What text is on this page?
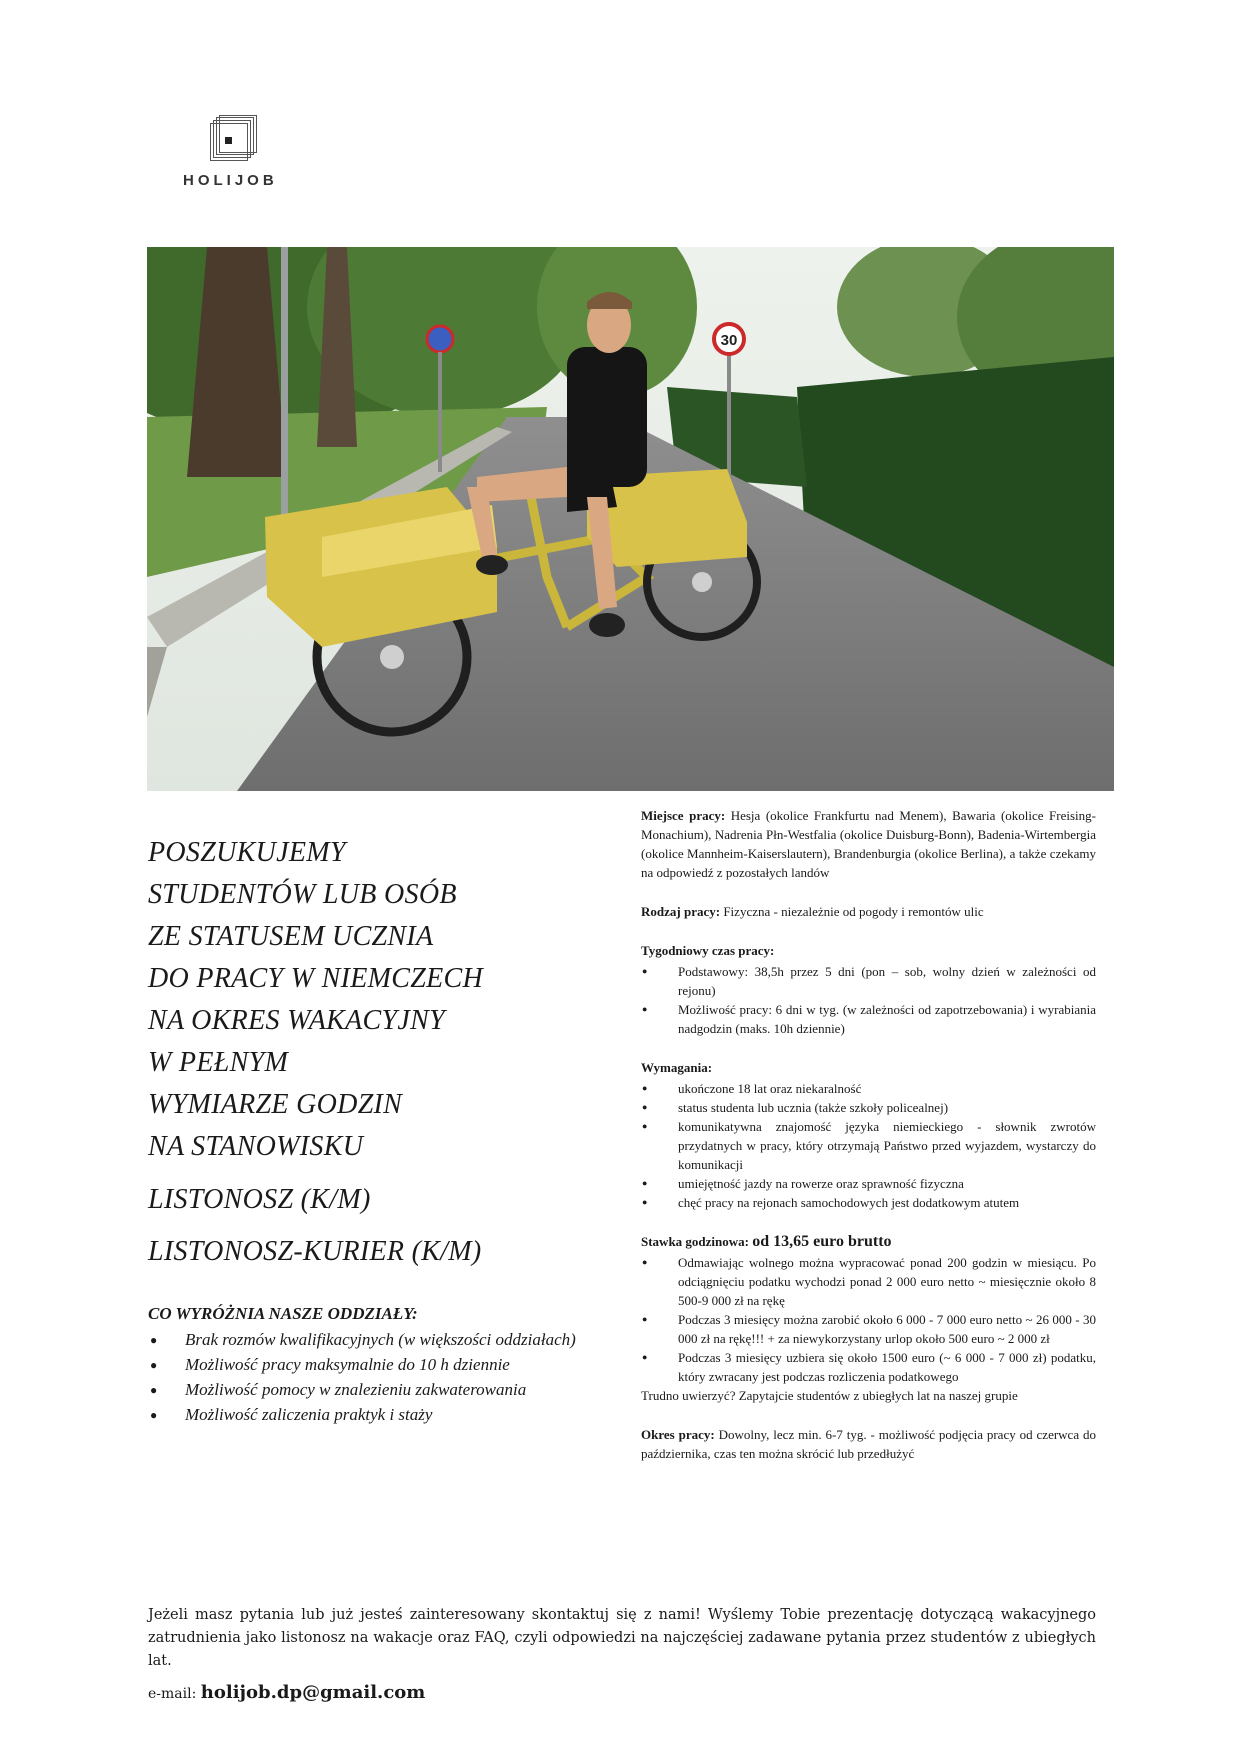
HOLIJOB
30
POSZUKUJEMY
STUDENTÓW LUB OSÓB
ZE STATUSEM UCZNIA
DO PRACY W NIEMCZECH
NA OKRES WAKACYJNY
W PEŁNYM
WYMIARZE GODZIN
NA STANOWISKU
LISTONOSZ (K/M)
LISTONOSZ-KURIER (K/M)
CO WYRÓŻNIA NASZE ODDZIAŁY:
● Brak rozmów kwalifikacyjnych (w większości oddziałach)
● Możliwość pracy maksymalnie do 10 h dziennie
● Możliwość pomocy w znalezieniu zakwaterowania
● Możliwość zaliczenia praktyk i staży

Miejsce pracy: Hesja (okolice Frankfurtu nad Menem), Bawaria (okolice Freising-Monachium), Nadrenia Płn-Westfalia (okolice Duisburg-Bonn), Badenia-Wirtembergia (okolice Mannheim-Kaiserslautern), Brandenburgia (okolice Berlina), a także czekamy na odpowiedź z pozostałych landów

Rodzaj pracy: Fizyczna - niezależnie od pogody i remontów ulic

Tygodniowy czas pracy:
● Podstawowy: 38,5h przez 5 dni (pon – sob, wolny dzień w zależności od rejonu)
● Możliwość pracy: 6 dni w tyg. (w zależności od zapotrzebowania) i wyrabiania nadgodzin (maks. 10h dziennie)
Wymagania:
● ukończone 18 lat oraz niekaralność
● status studenta lub ucznia (także szkoły policealnej)
● komunikatywna znajomość języka niemieckiego - słownik zwrotów przydatnych w pracy, który otrzymają Państwo przed wyjazdem, wystarczy do komunikacji
● umiejętność jazdy na rowerze oraz sprawność fizyczna
● chęć pracy na rejonach samochodowych jest dodatkowym atutem

Stawka godzinowa: od 13,65 euro brutto

● Odmawiając wolnego można wypracować ponad 200 godzin w miesiącu. Po odciągnięciu podatku wychodzi ponad 2 000 euro netto ~ miesięcznie około 8 500-9 000 zł na rękę
● Podczas 3 miesięcy można zarobić około 6 000 - 7 000 euro netto ~ 26 000 - 30 000 zł na rękę!!! + za niewykorzystany urlop około 500 euro ~ 2 000 zł
● Podczas 3 miesięcy uzbiera się około 1500 euro (~ 6 000 - 7 000 zł) podatku, który zwracany jest podczas rozliczenia podatkowego

Trudno uwierzyć? Zapytajcie studentów z ubiegłych lat na naszej grupie

Okres pracy: Dowolny, lecz min. 6-7 tyg. - możliwość podjęcia pracy od czerwca do października, czas ten można skrócić lub przedłużyć

Jeżeli masz pytania lub już jesteś zainteresowany skontaktuj się z nami! Wyślemy Tobie prezentację dotyczącą wakacyjnego zatrudnienia jako listonosz na wakacje oraz FAQ, czyli odpowiedzi na najczęściej zadawane pytania przez studentów z ubiegłych lat.

e-mail: holijob.dp@gmail.com
